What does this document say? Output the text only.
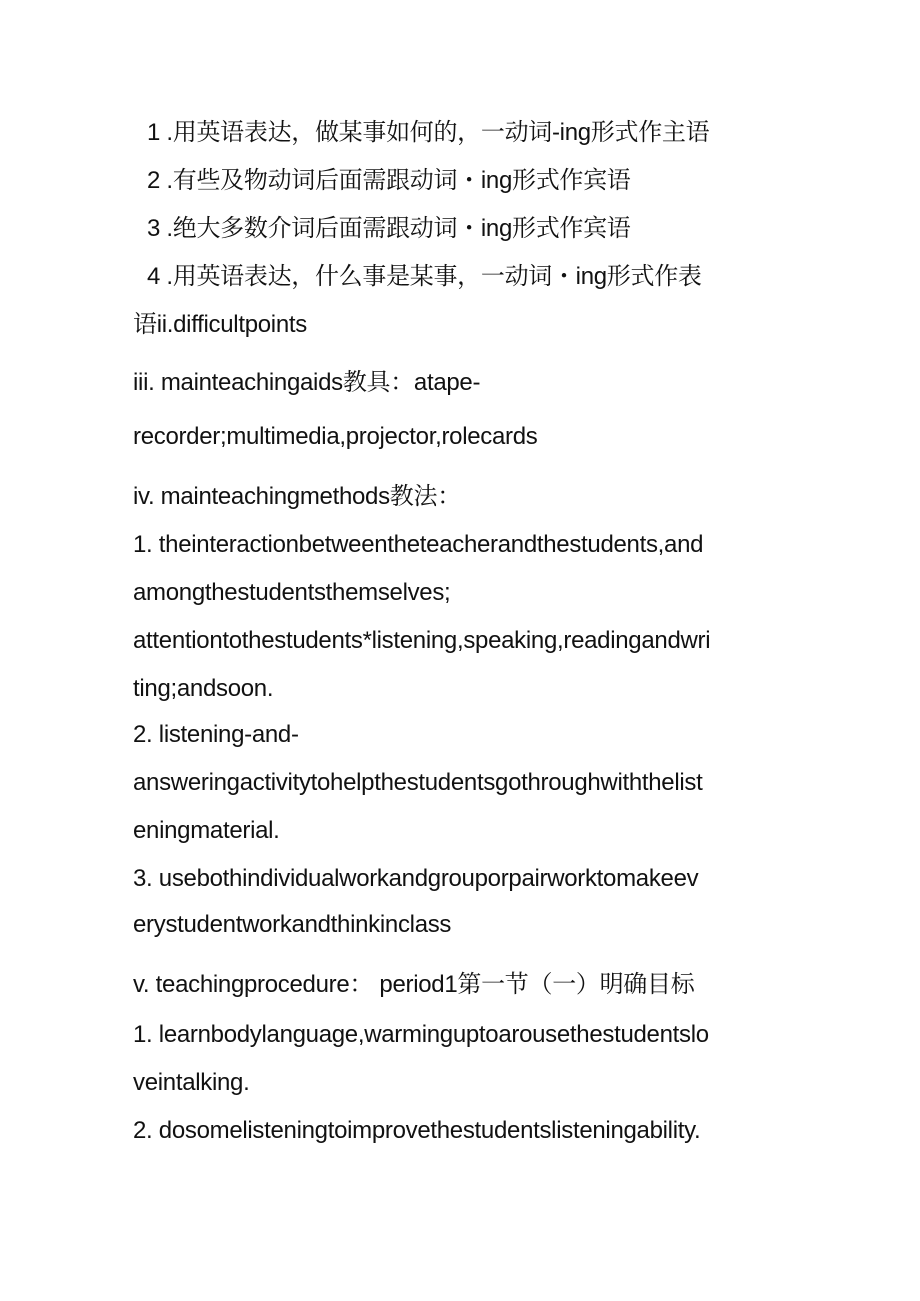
1 .用英语表达，做某事如何的，一动词-ing形式作主语
2 .有些及物动词后面需跟动词・ing形式作宾语
3 .绝大多数介词后面需跟动词・ing形式作宾语
4 .用英语表达，什么事是某事，一动词・ing形式作表
语ii.difficultpoints
iii. mainteachingaids教具：atape-
recorder;multimedia,projector,rolecards
iv. mainteachingmethods教法：
1. theinteractionbetweentheteacherandthestudents,and
amongthestudentsthemselves;
attentiontothestudents*listening,speaking,readingandwri
ting;andsoon.
2. listening-and-
answeringactivitytohelpthestudentsgothroughwiththelist
eningmaterial.
3. usebothindividualworkandgrouporpairworktomakeev
erystudentworkandthinkinclass
v. teachingprocedure： period1第一节（一）明确目标
1. learnbodylanguage,warminguptoarousethestudentslo
veintalking.
2. dosomelisteningtoimprovethestudentslisteningability.
